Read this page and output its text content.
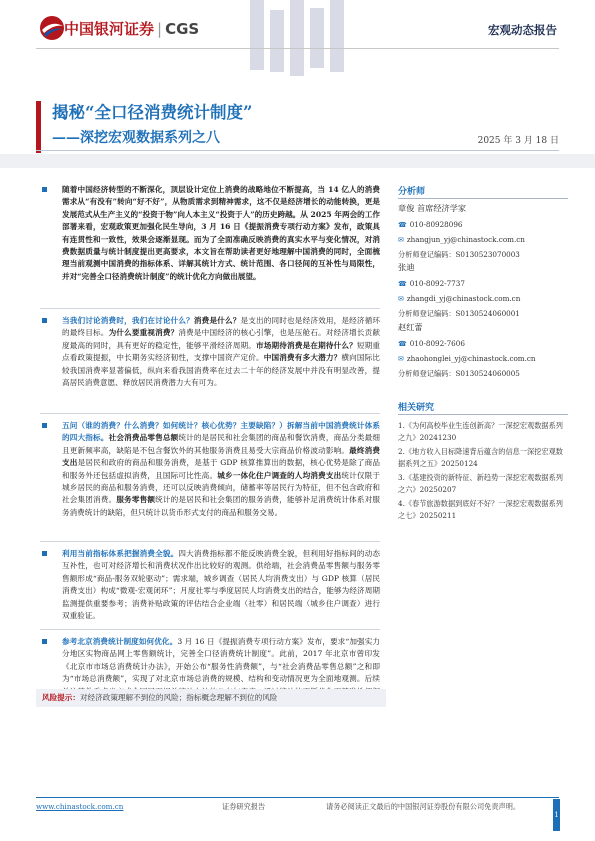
中国银河证券 | CGS	宏观动态报告
揭秘“全口径消费统计制度”
——深挖宏观数据系列之八	2025 年 3 月 18 日
随着中国经济转型的不断深化，顶层设计定位上消费的战略地位不断提高，当 14 亿人的消费需求从“有没有”转向“好不好”，从物质需求到精神需求，这不仅是经济增长的动能转换，更是发展范式从生产主义的“投资于物”向人本主义“投资于人”的历史跨越。从 2025 年两会的工作部署来看，宏观政策更加强化民生导向，3 月 16 日《提振消费专项行动方案》发布，政策具有连贯性和一致性，效果会逐渐显现。而为了全面准确反映消费的真实水平与变化情况，对消费数据质量与统计制度提出更高要求，本文旨在帮助读者更好地理解中国消费的同时，全面梳理当前观测中国消费的指标体系、详解其统计方式、统计范围、各口径间的互补性与局限性，并对“完善全口径消费统计制度”的统计优化方向做出展望。
当我们讨论消费时，我们在讨论什么？消费是什么？是支出的同时也是经济效用，是经济循环的最终目标。为什么要重视消费？消费是中国经济的核心引擎，也是压舱石。对经济增长贡献度最高的同时，具有更好的稳定性，能够平滑经济周期。市场期待消费是在期待什么？短期重点看政策提振，中长期务实经济韧性，支撑中国资产定价。中国消费有多大潜力？横向国际比较我国消费率显著偏低，纵向来看我国消费率在过去二十年的经济发展中并没有明显改善，提高居民消费意愿、释放居民消费潜力大有可为。
五问（谁的消费？什么消费？如何统计？核心优势？主要缺陷？）拆解当前中国消费统计体系的四大指标。社会消费品零售总额统计的是居民和社会集团的商品和餐饮消费，商品分类最细且更新频率高，缺陷是不包含餐饮外的其他服务消费且易受大宗商品价格波动影响。最终消费支出是居民和政府的商品和服务消费，是基于 GDP 核算推算出的数据，核心优势是除了商品和服务外还包括虚拟消费，且国际可比性高。城乡一体化住户调查的人均消费支出统计仅限于城乡居民的商品和服务消费，还可以反映消费倾向，储蓄率等居民行为特征，但不包含政府和社会集团消费。服务零售额统计的是居民和社会集团的服务消费，能够补足消费统计体系对服务消费统计的缺陷，但只统计以货币形式支付的商品和服务交易。
利用当前指标体系把握消费全貌。四大消费指标都不能反映消费全貌，但利用好指标间的动态互补性，也可对经济增长和消费状况作出比较好的观测。供给端，社会消费品零售额与服务零售额形成“商品-服务双轮驱动”；需求端，城乡调查（居民人均消费支出）与 GDP 核算（居民消费支出）构成“微观-宏观闭环”；月度社零与季度居民人均消费支出的结合，能够为经济周期监测提供重要参考；消费补贴政策的评估结合企业端（社零）和居民端（城乡住户调查）进行双重验证。
参考北京消费统计制度如何优化。3 月 16 日《提振消费专项行动方案》发布，要求“加强实力分地区实物商品网上零售额统计，完善全口径消费统计制度”。此前，2017 年北京市曾印发《北京市市场总消费统计办法》，开始公布“服务性消费额”，与“社会消费品零售总额”之和即为“市场总消费额”，实现了对北京市场总消费的规模、结构和变动情况更为全面地观测。后续
风险提示：对经济政策理解不到位的风险；指标概念理解不到位的风险
分析师
章俊 首席经济学家
☎ 010-80928096
✉ zhangjun_yj@chinastock.com.cn
分析师登记编码：S0130523070003
张迪
☎ 010-8092-7737
✉ zhangdi_yj@chinastock.com.cn
分析师登记编码：S0130524060001
赵红蕾
☎ 010-8092-7606
✉ zhaohonglei_yj@chinastock.com.cn
分析师登记编码：S0130524060005
相关研究
1.《为何高校毕业生连创新高？一深挖宏观数据系列之九》20241230
2.《地方收入目标降速背后蕴含的信息一深挖宏观数据系列之五》20250124
3.《基建投资的新特征、新趋势一深挖宏观数据系列之六》20250207
4.《春节旅游数据到底好不好？一深挖宏观数据系列之七》20250211
www.chinastock.com.cn	证券研究报告	请务必阅读正文最后的中国银河证券股份有限公司免责声明。
1
